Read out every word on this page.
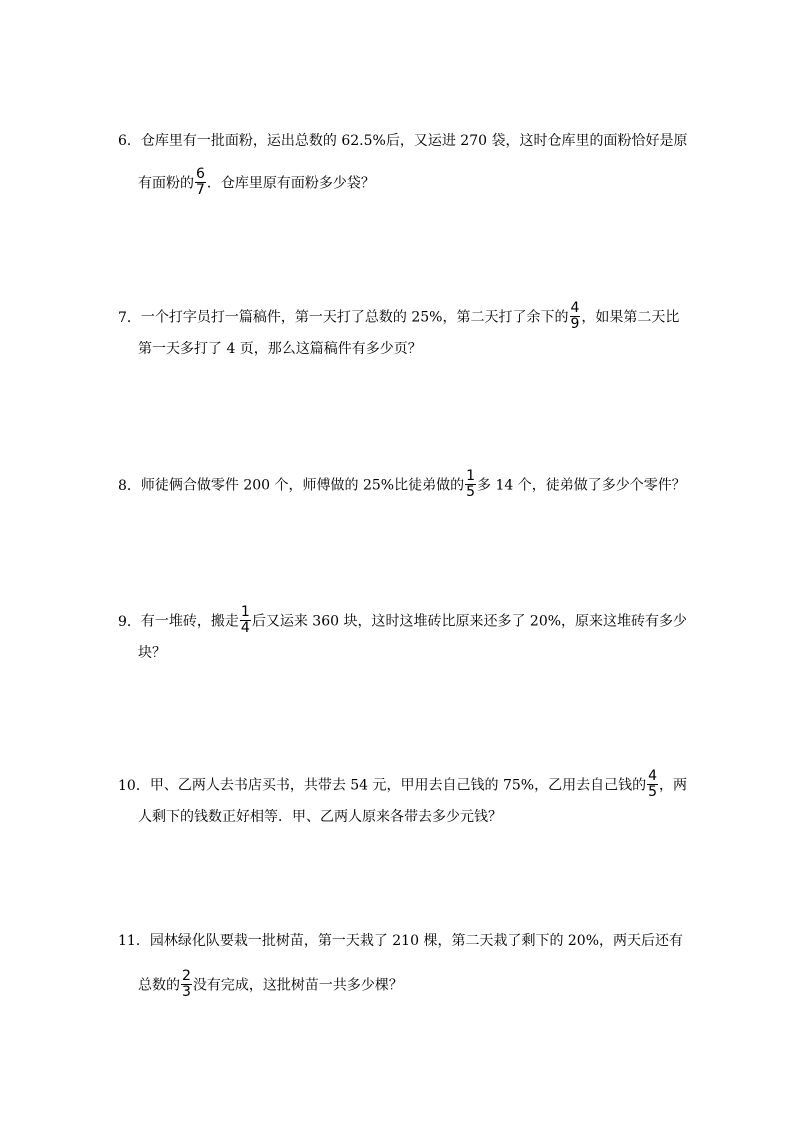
6．仓库里有一批面粉，运出总数的 62.5%后，又运进 270 袋，这时仓库里的面粉恰好是原
有面粉的 $\frac{6}{7}$ ．仓库里原有面粉多少袋？
7．一个打字员打一篇稿件，第一天打了总数的 25%，第二天打了余下的 $\frac{4}{9}$ ，如果第二天比
第一天多打了 4 页，那么这篇稿件有多少页？
8．师徒俩合做零件 200 个，师傅做的 25%比徒弟做的 $\frac{1}{5}$ 多 14 个，徒弟做了多少个零件？
9．有一堆砖，搬走 $\frac{1}{4}$ 后又运来 360 块，这时这堆砖比原来还多了 20%，原来这堆砖有多少
块？
10．甲、乙两人去书店买书，共带去 54 元，甲用去自己钱的 75%，乙用去自己钱的 $\frac{4}{5}$ ，两
人剩下的钱数正好相等．甲、乙两人原来各带去多少元钱？
11．园林绿化队要栽一批树苗，第一天栽了 210 棵，第二天栽了剩下的 20%，两天后还有
总数的 $\frac{2}{3}$ 没有完成，这批树苗一共多少棵？
